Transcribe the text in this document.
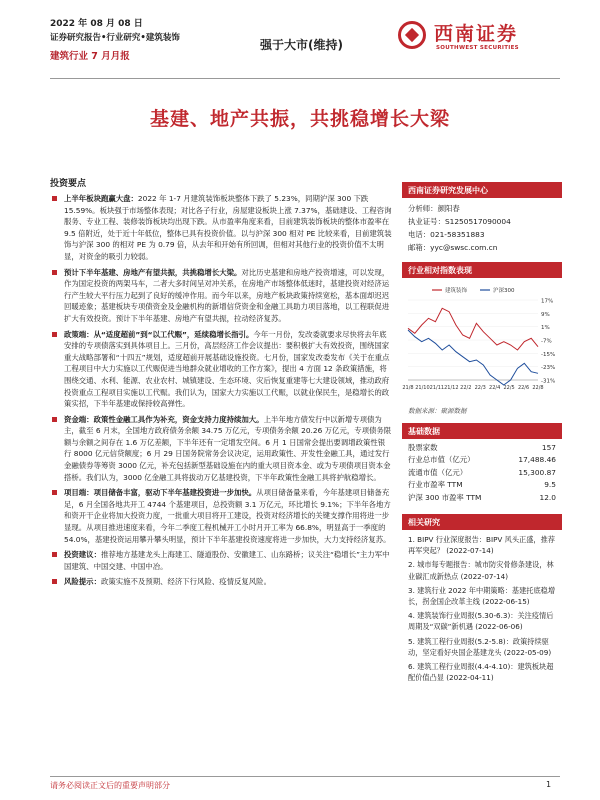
2022 年 08 月 08 日
证券研究报告•行业研究•建筑装饰
建筑行业 7 月月报
强于大市(维持)	西南证券
SOUTHWEST SECURITIES
基建、地产共振，共挑稳增长大梁
投资要点
上半年板块跑赢大盘：2022 年 1-7 月建筑装饰板块整体下跌了 5.23%，同期沪深 300 下跌 15.59%。板块强于市场整体表现；对比各子行业，房屋建设板块上涨 7.37%，基础建设、工程咨询服务、专业工程、装修装饰板块均出现下跌。从市盈率角度来看，目前建筑装饰板块的整体市盈率在 9.5 倍附近，处于近十年低位，整体已具有投资价值。以与沪深 300 相对 PE 比较来看，目前建筑装饰与沪深 300 的相对 PE 为 0.79 倍，从去年和开始有所回调，但相对其他行业的投资价值不太明显，对资金的吸引力较弱。
预计下半年基建、房地产有望共振，共挑稳增长大梁。对比历史基建和房地产投资增速，可以发现，作为国定投资的两架马车，二者大多时间呈对冲关系，在房地产市场整体低迷时，基建投资对经济运行产生较大平行压力起到了良好的缓冲作用。而今年以来，房地产板块政策持续宽松，基本面却迟迟回暖迹象；基建板块专项债资金及金融机构的新增信贷资金和金融工具助力项目落地，以工程联促进扩大有效投资。预计下半年基建、房地产有望共振，拉动经济复苏。
政策端：从“适度超前”到“以工代赈”，延续稳增长指引。今年一月份，发改委就要求尽快将去年底安排的专项债落实到具体项目上。三月份，高层经济工作会议提出：要积极扩大有效投资，围绕国家重大战略部署和“十四五”规划，适度超前开展基础设施投资。七月份，国家发改委发布《关于在重点工程项目中大力实施以工代赈促进当地群众就业增收的工作方案》，提出 4 方面 12 条政策措施，将围绕交通、水利、能源、农业农村、城镇建设、生态环境、灾后恢复重建等七大建设领域，推动政府投资重点工程项目实施以工代赈。我们认为，国家大力实施以工代赈，以就业保民生，是稳增长的政策实招，下半年基建或保持较高弹性。
资金端：政策性金融工具作为补充，资金支持力度持续加大。上半年地方债发行中以新增专项债为主，截至 6 月末，全国地方政府债务余额 34.75 万亿元，专项债务余额 20.26 万亿元，专项债务限额与余额之间存在 1.6 万亿差额，下半年还有一定增发空间。6 月 1 日国常会提出要调增政策性银行 8000 亿元信贷额度；6 月 29 日国务院常务会议决定，运用政策性、开发性金融工具，通过发行金融债券等筹资 3000 亿元，补充包括新型基础设施在内的重大项目资本金、或为专项债项目资本金搭桥。我们认为，3000 亿金融工具将拔动万亿基建投资，下半年政策性金融工具将护航稳增长。
项目端：项目储备丰富，驱动下半年基建投资进一步加快。从项目储备量来看，今年基建项目储备充足，6 月全国各地共开工 4744 个基建项目，总投资额 3.1 万亿元，环比增长 9.1%；下半年各地方和资开干企业将加大投资力度，一批重大项目将开工建设，投资对经济增长的关键支撑作用将进一步显现。从项目推进速度来看，今年二季度工程机械开工小时月开工率为 66.8%，明显高于一季度的 54.0%，基建投资运用攀升攀头明显，预计下半年基建投资速度将进一步加快，大力支持经济复苏。
投资建议：推荐地方基建龙头上海建工、隧道股份、安徽建工、山东路桥；议关注“稳增长”主力军中国建筑、中国交建、中国中冶。
风险提示：政策实施不及预期、经济下行风险、疫情反复风险。
西南证券研究发展中心
分析师：颜阳春
执业证号：S1250517090004
电话：021-58351883
邮箱：yyc@swsc.com.cn
行业相对指数表现
17%
9%
1%
-7%
-15%
-23%
-31%
21/8 21/10 21/11 21/12 22/2 22/3 22/4 22/5 22/6 22/8
建筑装饰	沪深300
数据来源：聚源数据
基础数据
股票家数	157
行业总市值（亿元）	17,488.46
流通市值（亿元）	15,300.87
行业市盈率 TTM	9.5
沪深 300 市盈率 TTM	12.0
相关研究
1. BIPV 行业深度报告：BIPV 风头正盛，推荐再军突起？ (2022-07-14)
2. 城市每专题报告：城市防灾骨修条建设，林业碳汇成新热点 (2022-07-14)
3. 建筑行业 2022 年中期策略：基建托底稳增长，拐金国企改革主线 (2022-06-15)
4. 建筑装饰行业周报(5.30-6.3)：关注疫情后周期及“双碳”新机遇 (2022-06-06)
5. 建筑工程行业周报(5.2-5.8)：政策持续驱动，坚定看好央国企基建龙头 (2022-05-09)
6. 建筑工程行业周报(4.4-4.10)：建筑板块超配价值凸显 (2022-04-11)
请务必阅读正文后的重要声明部分	1
